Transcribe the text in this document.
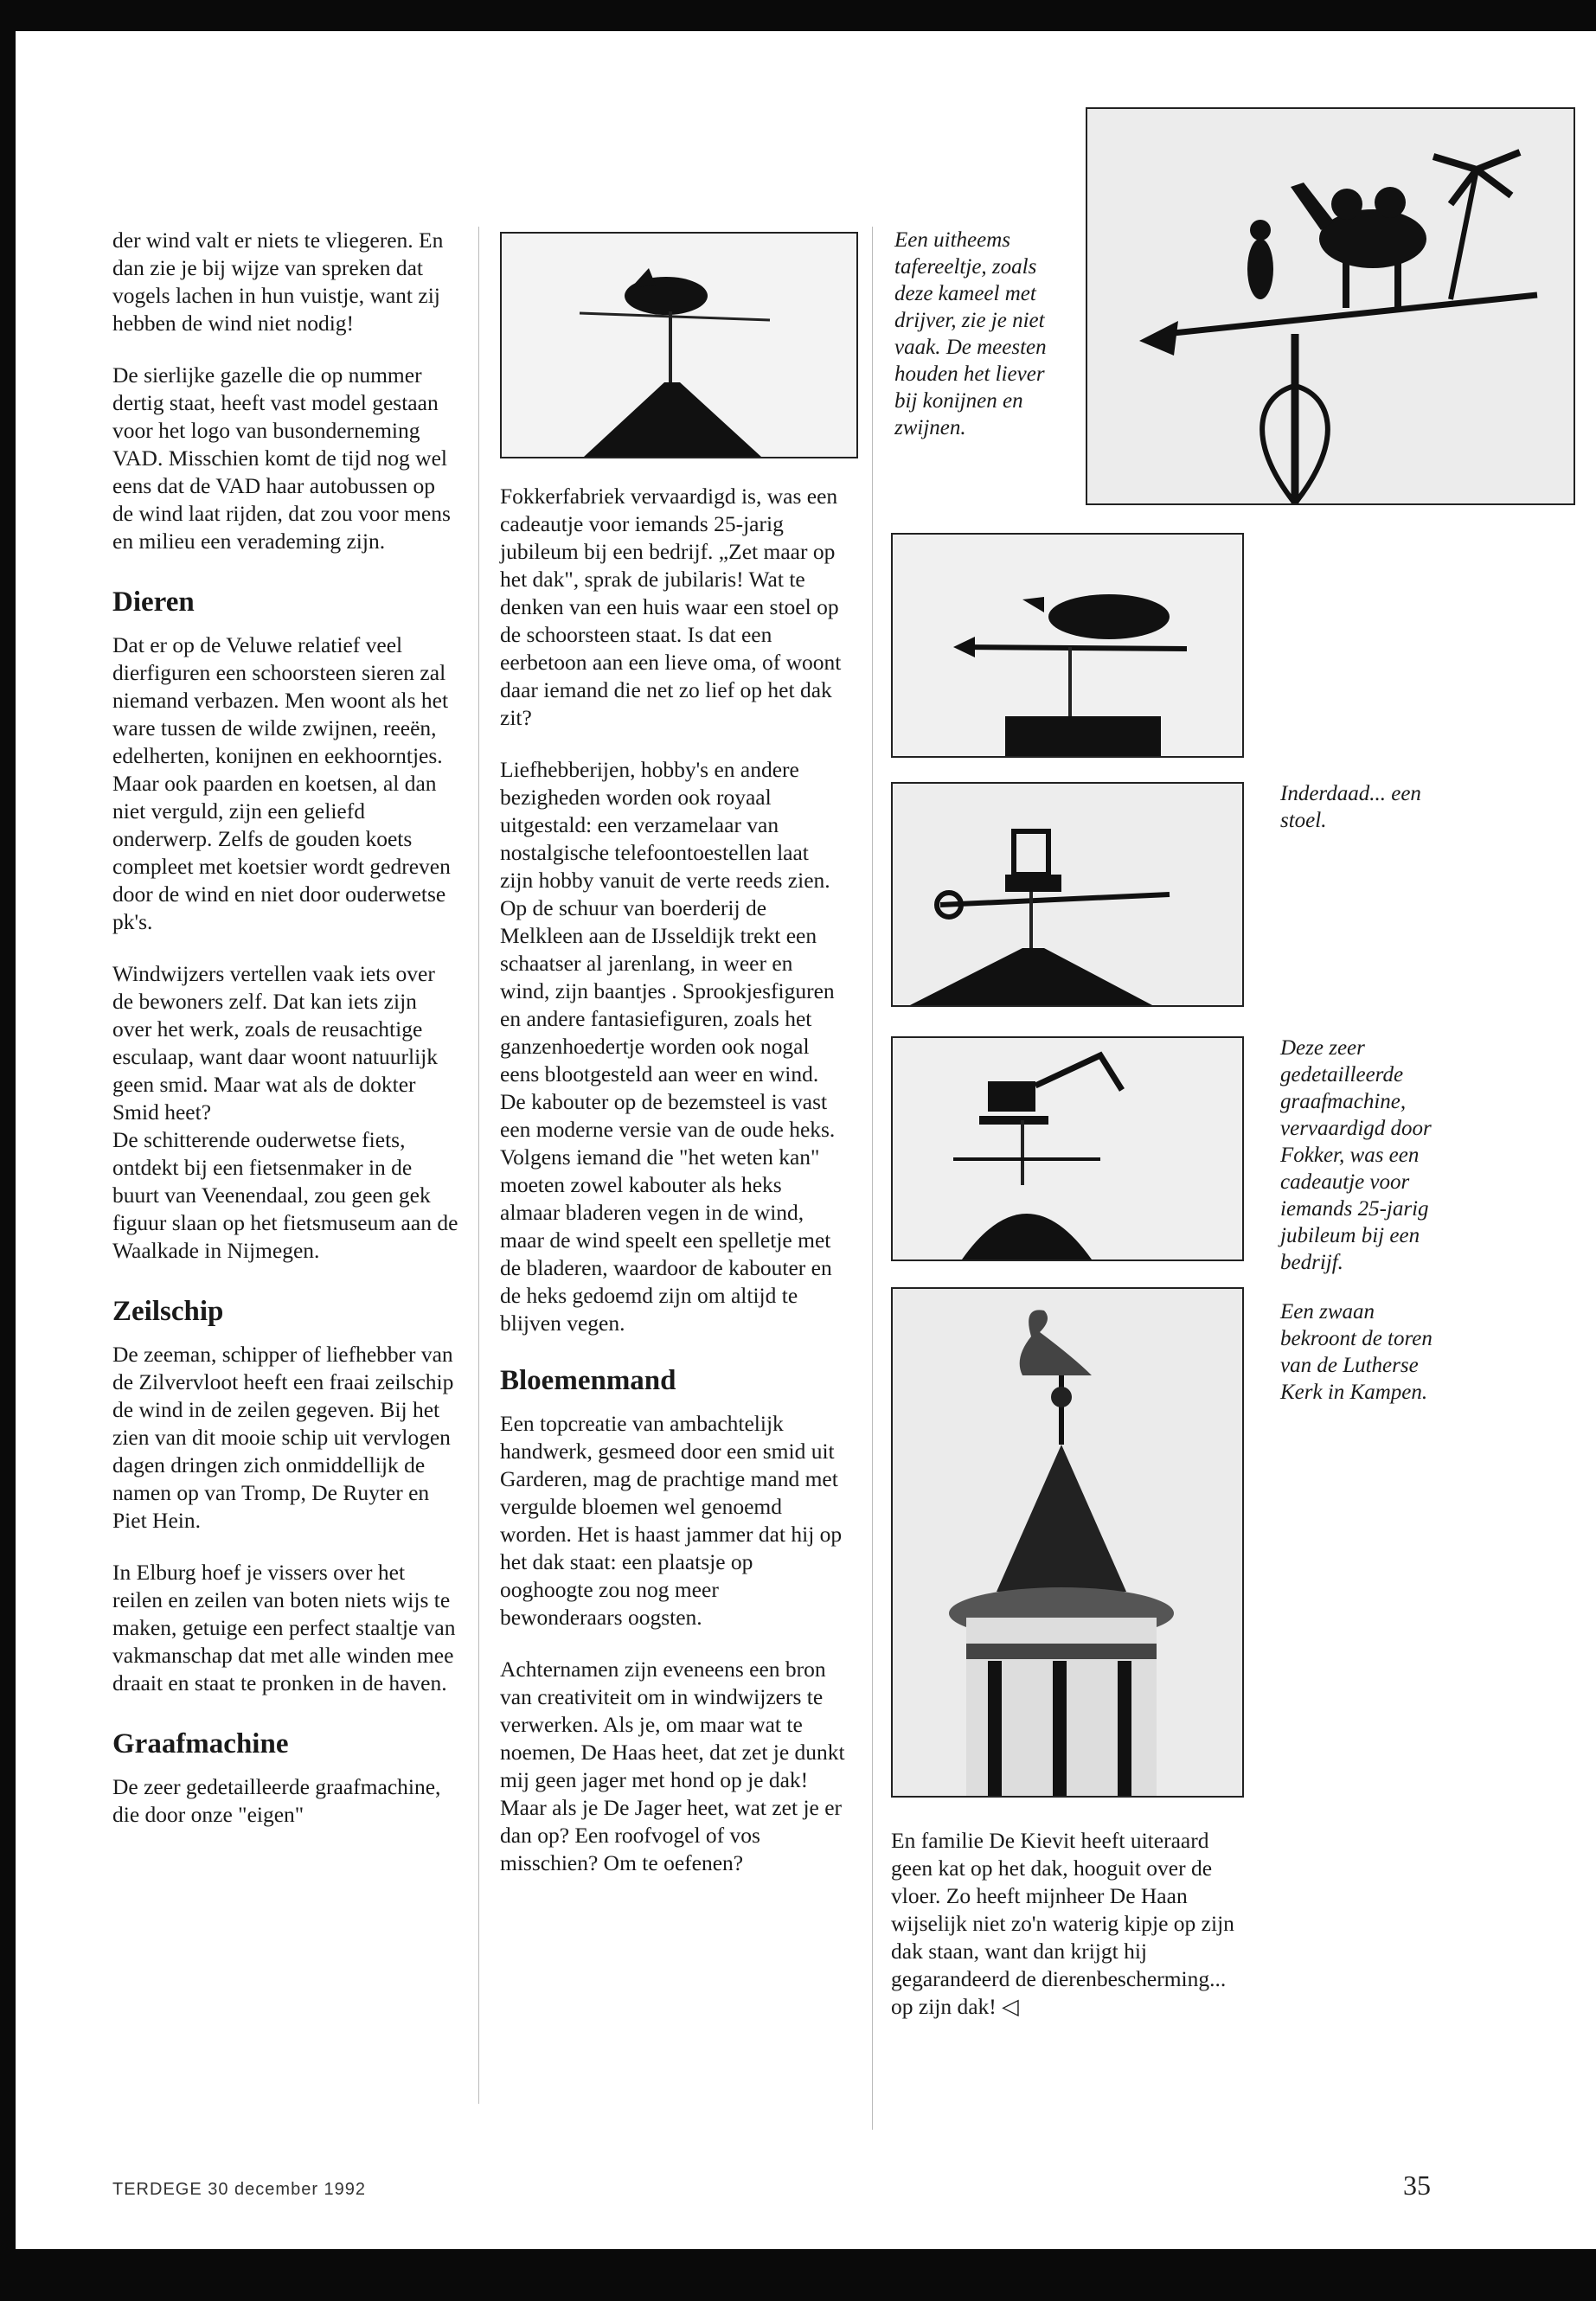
der wind valt er niets te vliegeren. En dan zie je bij wijze van spreken dat vogels lachen in hun vuistje, want zij hebben de wind niet nodig!

De sierlijke gazelle die op nummer dertig staat, heeft vast model gestaan voor het logo van busonderneming VAD. Misschien komt de tijd nog wel eens dat de VAD haar autobussen op de wind laat rijden, dat zou voor mens en milieu een verademing zijn.

Dieren

Dat er op de Veluwe relatief veel dierfiguren een schoorsteen sieren zal niemand verbazen. Men woont als het ware tussen de wilde zwijnen, reeën, edelherten, konijnen en eekhoorntjes. Maar ook paarden en koetsen, al dan niet verguld, zijn een geliefd onderwerp. Zelfs de gouden koets compleet met koetsier wordt gedreven door de wind en niet door ouderwetse pk's.

Windwijzers vertellen vaak iets over de bewoners zelf. Dat kan iets zijn over het werk, zoals de reusachtige esculaap, want daar woont natuurlijk geen smid. Maar wat als de dokter Smid heet?

De schitterende ouderwetse fiets, ontdekt bij een fietsenmaker in de buurt van Veenendaal, zou geen gek figuur slaan op het fietsmuseum aan de Waalkade in Nijmegen.

Zeilschip

De zeeman, schipper of liefhebber van de Zilvervloot heeft een fraai zeilschip de wind in de zeilen gegeven. Bij het zien van dit mooie schip uit vervlogen dagen dringen zich onmiddellijk de namen op van Tromp, De Ruyter en Piet Hein.

In Elburg hoef je vissers over het reilen en zeilen van boten niets wijs te maken, getuige een perfect staaltje van vakmanschap dat met alle winden mee draait en staat te pronken in de haven.

Graafmachine

De zeer gedetailleerde graafmachine, die door onze "eigen"

Fokkerfabriek vervaardigd is, was een cadeautje voor iemands 25-jarig jubileum bij een bedrijf. „Zet maar op het dak", sprak de jubilaris! Wat te denken van een huis waar een stoel op de schoorsteen staat. Is dat een eerbetoon aan een lieve oma, of woont daar iemand die net zo lief op het dak zit?

Liefhebberijen, hobby's en andere bezigheden worden ook royaal uitgestald: een verzamelaar van nostalgische telefoontoestellen laat zijn hobby vanuit de verte reeds zien. Op de schuur van boerderij de Melkleen aan de IJsseldijk trekt een schaatser al jarenlang, in weer en wind, zijn baantjes . Sprookjesfiguren en andere fantasiefiguren, zoals het ganzenhoedertje worden ook nogal eens blootgesteld aan weer en wind. De kabouter op de bezemsteel is vast een moderne versie van de oude heks. Volgens iemand die "het weten kan" moeten zowel kabouter als heks almaar bladeren vegen in de wind, maar de wind speelt een spelletje met de bladeren, waardoor de kabouter en de heks gedoemd zijn om altijd te blijven vegen.

Bloemenmand

Een topcreatie van ambachtelijk handwerk, gesmeed door een smid uit Garderen, mag de prachtige mand met vergulde bloemen wel genoemd worden. Het is haast jammer dat hij op het dak staat: een plaatsje op ooghoogte zou nog meer bewonderaars oogsten.

Achternamen zijn eveneens een bron van creativiteit om in windwijzers te verwerken. Als je, om maar wat te noemen, De Haas heet, dat zet je dunkt mij geen jager met hond op je dak! Maar als je De Jager heet, wat zet je er dan op? Een roofvogel of vos misschien? Om te oefenen?

Een uitheems tafereeltje, zoals deze kameel met drijver, zie je niet vaak. De meesten houden het liever bij konijnen en zwijnen.

Inderdaad... een stoel.

Deze zeer gedetailleerde graafmachine, vervaardigd door Fokker, was een cadeautje voor iemands 25-jarig jubileum bij een bedrijf.

Een zwaan bekroont de toren van de Lutherse Kerk in Kampen.

En familie De Kievit heeft uiteraard geen kat op het dak, hooguit over de vloer. Zo heeft mijnheer De Haan wijselijk niet zo'n waterig kipje op zijn dak staan, want dan krijgt hij gegarandeerd de dierenbescherming... op zijn dak! ◁

TERDEGE 30 december 1992	35
